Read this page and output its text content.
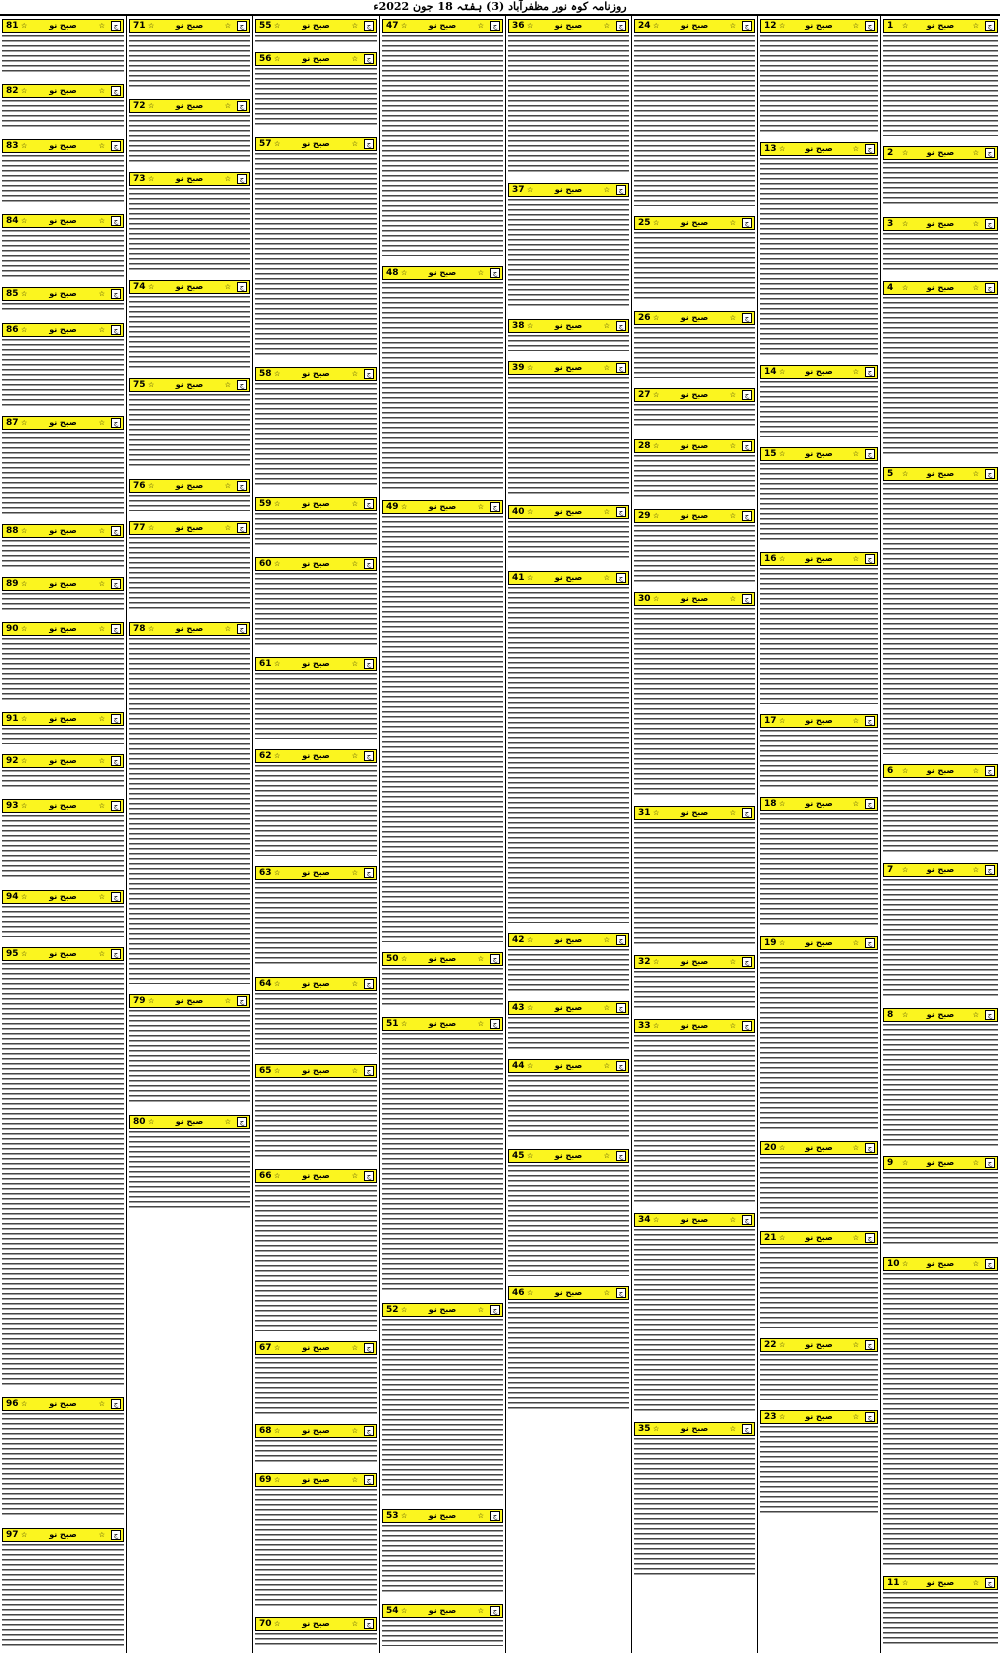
روزنامہ کوہ نور مظفرآباد (3) ہفتہ 18 جون 2022ء
1 ☆	صبح نو	☆	ج
2 ☆	صبح نو	☆	ج
3 ☆	صبح نو	☆	ج
4 ☆	صبح نو	☆	ج
5 ☆	صبح نو	☆	ج
6 ☆	صبح نو	☆	ج
7 ☆	صبح نو	☆	ج
8 ☆	صبح نو	☆	ج
9 ☆	صبح نو	☆	ج
10 ☆	صبح نو	☆	ج
11 ☆	صبح نو	☆	ج
12 ☆	صبح نو	☆	ج
13 ☆	صبح نو	☆	ج
14 ☆	صبح نو	☆	ج
15 ☆	صبح نو	☆	ج
16 ☆	صبح نو	☆	ج
17 ☆	صبح نو	☆	ج
18 ☆	صبح نو	☆	ج
19 ☆	صبح نو	☆	ج
20 ☆	صبح نو	☆	ج
21 ☆	صبح نو	☆	ج
22 ☆	صبح نو	☆	ج
23 ☆	صبح نو	☆	ج
24 ☆	صبح نو	☆	ج
25 ☆	صبح نو	☆	ج
26 ☆	صبح نو	☆	ج
27 ☆	صبح نو	☆	ج
28 ☆	صبح نو	☆	ج
29 ☆	صبح نو	☆	ج
30 ☆	صبح نو	☆	ج
31 ☆	صبح نو	☆	ج
32 ☆	صبح نو	☆	ج
33 ☆	صبح نو	☆	ج
34 ☆	صبح نو	☆	ج
35 ☆	صبح نو	☆	ج
36 ☆	صبح نو	☆	ج
37 ☆	صبح نو	☆	ج
38 ☆	صبح نو	☆	ج
39 ☆	صبح نو	☆	ج
40 ☆	صبح نو	☆	ج
41 ☆	صبح نو	☆	ج
42 ☆	صبح نو	☆	ج
43 ☆	صبح نو	☆	ج
44 ☆	صبح نو	☆	ج
45 ☆	صبح نو	☆	ج
46 ☆	صبح نو	☆	ج
47 ☆	صبح نو	☆	ج
48 ☆	صبح نو	☆	ج
49 ☆	صبح نو	☆	ج
50 ☆	صبح نو	☆	ج
51 ☆	صبح نو	☆	ج
52 ☆	صبح نو	☆	ج
53 ☆	صبح نو	☆	ج
54 ☆	صبح نو	☆	ج
55 ☆	صبح نو	☆	ج
56 ☆	صبح نو	☆	ج
57 ☆	صبح نو	☆	ج
58 ☆	صبح نو	☆	ج
59 ☆	صبح نو	☆	ج
60 ☆	صبح نو	☆	ج
61 ☆	صبح نو	☆	ج
62 ☆	صبح نو	☆	ج
63 ☆	صبح نو	☆	ج
64 ☆	صبح نو	☆	ج
65 ☆	صبح نو	☆	ج
66 ☆	صبح نو	☆	ج
67 ☆	صبح نو	☆	ج
68 ☆	صبح نو	☆	ج
69 ☆	صبح نو	☆	ج
70 ☆	صبح نو	☆	ج
71 ☆	صبح نو	☆	ج
72 ☆	صبح نو	☆	ج
73 ☆	صبح نو	☆	ج
74 ☆	صبح نو	☆	ج
75 ☆	صبح نو	☆	ج
76 ☆	صبح نو	☆	ج
77 ☆	صبح نو	☆	ج
78 ☆	صبح نو	☆	ج
79 ☆	صبح نو	☆	ج
80 ☆	صبح نو	☆	ج
81 ☆	صبح نو	☆	ج
82 ☆	صبح نو	☆	ج
83 ☆	صبح نو	☆	ج
84 ☆	صبح نو	☆	ج
85 ☆	صبح نو	☆	ج
86 ☆	صبح نو	☆	ج
87 ☆	صبح نو	☆	ج
88 ☆	صبح نو	☆	ج
89 ☆	صبح نو	☆	ج
90 ☆	صبح نو	☆	ج
91 ☆	صبح نو	☆	ج
92 ☆	صبح نو	☆	ج
93 ☆	صبح نو	☆	ج
94 ☆	صبح نو	☆	ج
95 ☆	صبح نو	☆	ج
96 ☆	صبح نو	☆	ج
97 ☆	صبح نو	☆	ج
